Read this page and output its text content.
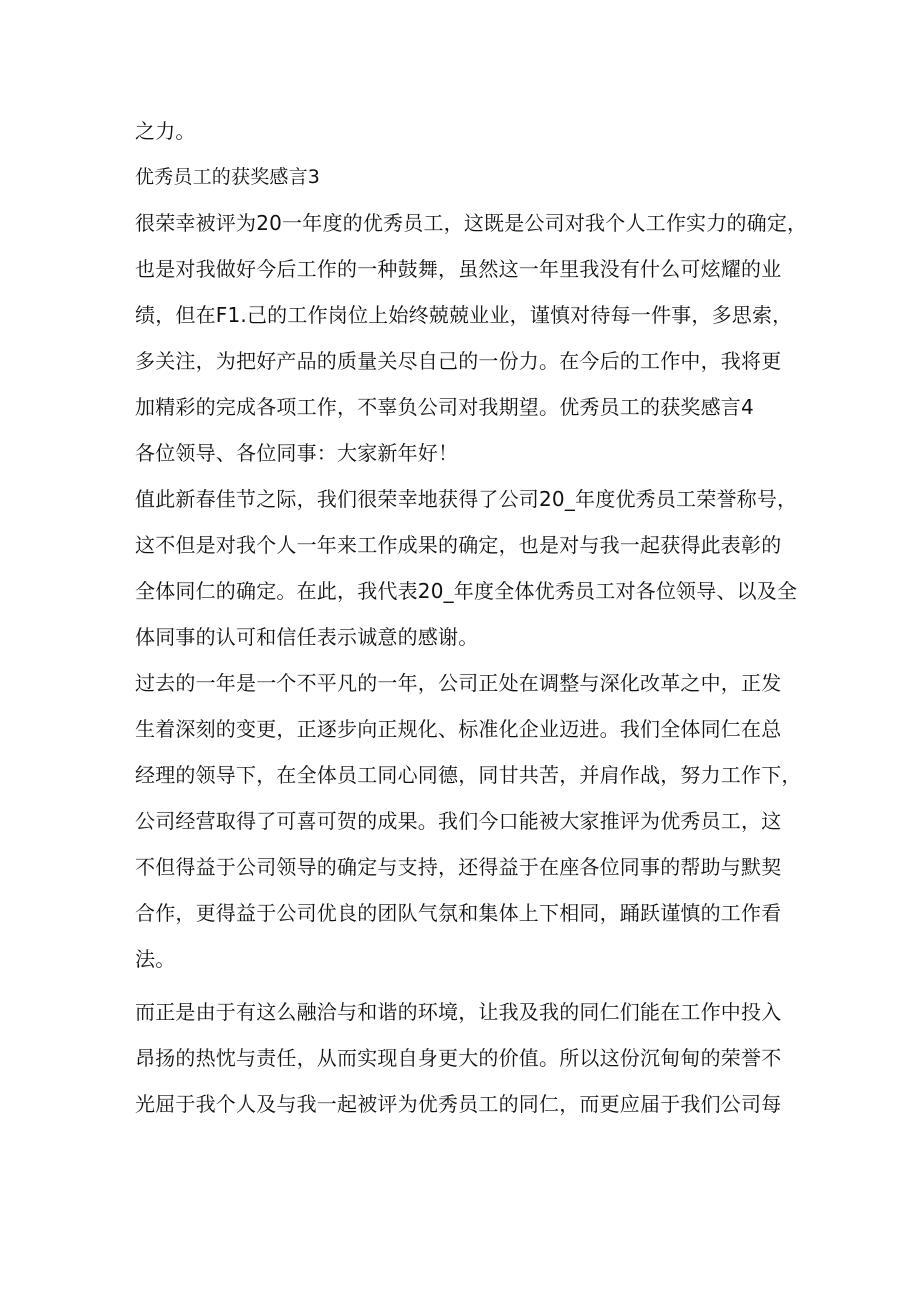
之力。
优秀员工的获奖感言3
很荣幸被评为20一年度的优秀员工，这既是公司对我个人工作实力的确定，
也是对我做好今后工作的一种鼓舞，虽然这一年里我没有什么可炫耀的业
绩，但在F1.己的工作岗位上始终兢兢业业，谨慎对待每一件事，多思索，
多关注，为把好产品的质量关尽自己的一份力。在今后的工作中，我将更
加精彩的完成各项工作，不辜负公司对我期望。优秀员工的获奖感言4
各位领导、各位同事：大家新年好！
值此新春佳节之际，我们很荣幸地获得了公司20_年度优秀员工荣誉称号，
这不但是对我个人一年来工作成果的确定，也是对与我一起获得此表彰的
全体同仁的确定。在此，我代表20_年度全体优秀员工对各位领导、以及全
体同事的认可和信任表示诚意的感谢。
过去的一年是一个不平凡的一年，公司正处在调整与深化改革之中，正发
生着深刻的变更，正逐步向正规化、标准化企业迈进。我们全体同仁在总
经理的领导下，在全体员工同心同德，同甘共苦，并肩作战，努力工作下，
公司经营取得了可喜可贺的成果。我们今口能被大家推评为优秀员工，这
不但得益于公司领导的确定与支持，还得益于在座各位同事的帮助与默契
合作，更得益于公司优良的团队气氛和集体上下相同，踊跃谨慎的工作看
法。
而正是由于有这么融洽与和谐的环境，让我及我的同仁们能在工作中投入
昂扬的热忱与责任，从而实现自身更大的价值。所以这份沉甸甸的荣誉不
光屈于我个人及与我一起被评为优秀员工的同仁，而更应届于我们公司每
